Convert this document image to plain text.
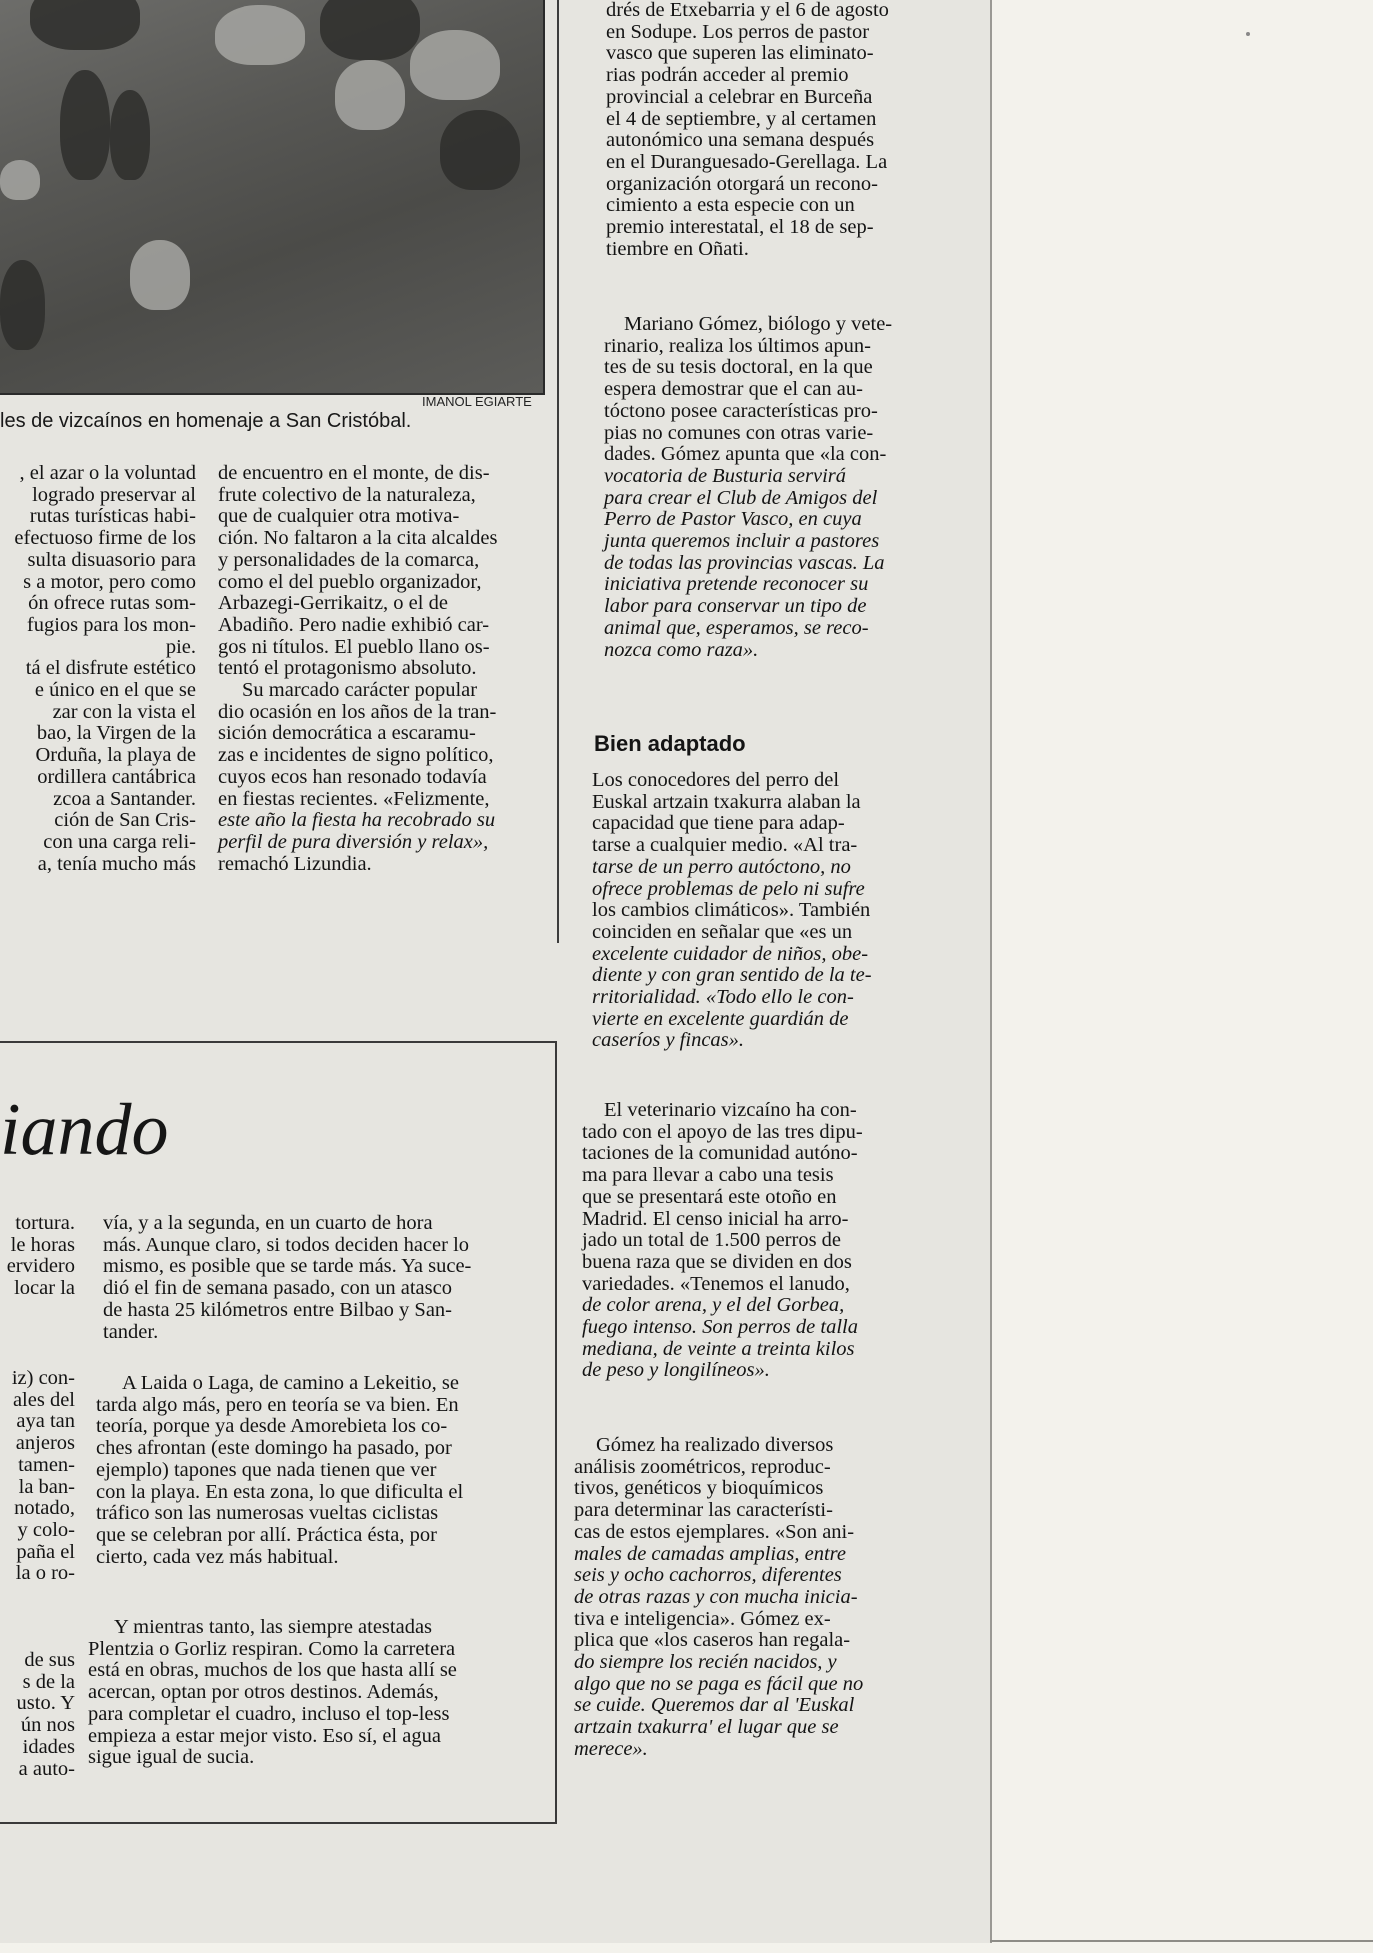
IMANOL EGIARTE
les de vizcaínos en homenaje a San Cristóbal.

, el azar o la voluntad

logrado preservar al

rutas turísticas habi-

efectuoso firme de los

sulta disuasorio para

s a motor, pero como

ón ofrece rutas som-

fugios para los mon-

pie.

tá el disfrute estético

e único en el que se

zar con la vista el

bao, la Virgen de la

Orduña, la playa de

ordillera cantábrica

zcoa a Santander.

ción de San Cris-

con una carga reli-

a, tenía mucho más

de encuentro en el monte, de dis-

frute colectivo de la naturaleza,

que de cualquier otra motiva-

ción. No faltaron a la cita alcaldes

y personalidades de la comarca,

como el del pueblo organizador,

Arbazegi-Gerrikaitz, o el de

Abadiño. Pero nadie exhibió car-

gos ni títulos. El pueblo llano os-

tentó el protagonismo absoluto.

Su marcado carácter popular

dio ocasión en los años de la tran-

sición democrática a escaramu-

zas e incidentes de signo político,

cuyos ecos han resonado todavía

en fiestas recientes. «Felizmente,

este año la fiesta ha recobrado su

perfil de pura diversión y relax»,

remachó Lizundia.

drés de Etxebarria y el 6 de agosto

en Sodupe. Los perros de pastor

vasco que superen las eliminato-

rias podrán acceder al premio

provincial a celebrar en Burceña

el 4 de septiembre, y al certamen

autonómico una semana después

en el Duranguesado-Gerellaga. La

organización otorgará un recono-

cimiento a esta especie con un

premio interestatal, el 18 de sep-

tiembre en Oñati.

Mariano Gómez, biólogo y vete-

rinario, realiza los últimos apun-

tes de su tesis doctoral, en la que

espera demostrar que el can au-

tóctono posee características pro-

pias no comunes con otras varie-

dades. Gómez apunta que «la con-

vocatoria de Busturia servirá

para crear el Club de Amigos del

Perro de Pastor Vasco, en cuya

junta queremos incluir a pastores

de todas las provincias vascas. La

iniciativa pretende reconocer su

labor para conservar un tipo de

animal que, esperamos, se reco-

nozca como raza».

Bien adaptado

Los conocedores del perro del

Euskal artzain txakurra alaban la

capacidad que tiene para adap-

tarse a cualquier medio. «Al tra-

tarse de un perro autóctono, no

ofrece problemas de pelo ni sufre

los cambios climáticos». También

coinciden en señalar que «es un

excelente cuidador de niños, obe-

diente y con gran sentido de la te-

rritorialidad. «Todo ello le con-

vierte en excelente guardián de

caseríos y fincas».

El veterinario vizcaíno ha con-

tado con el apoyo de las tres dipu-

taciones de la comunidad autóno-

ma para llevar a cabo una tesis

que se presentará este otoño en

Madrid. El censo inicial ha arro-

jado un total de 1.500 perros de

buena raza que se dividen en dos

variedades. «Tenemos el lanudo,

de color arena, y el del Gorbea,

fuego intenso. Son perros de talla

mediana, de veinte a treinta kilos

de peso y longilíneos».

Gómez ha realizado diversos

análisis zoométricos, reproduc-

tivos, genéticos y bioquímicos

para determinar las característi-

cas de estos ejemplares. «Son ani-

males de camadas amplias, entre

seis y ocho cachorros, diferentes

de otras razas y con mucha inicia-

tiva e inteligencia». Gómez ex-

plica que «los caseros han regala-

do siempre los recién nacidos, y

algo que no se paga es fácil que no

se cuide. Queremos dar al 'Euskal

artzain txakurra' el lugar que se

merece».

iando

tortura.

le horas

ervidero

locar la

iz) con-

ales del

aya tan

anjeros

tamen-

la ban-

notado,

y colo-

paña el

la o ro-

de sus

s de la

usto. Y

ún nos

idades

a auto-

vía, y a la segunda, en un cuarto de hora

más. Aunque claro, si todos deciden hacer lo

mismo, es posible que se tarde más. Ya suce-

dió el fin de semana pasado, con un atasco

de hasta 25 kilómetros entre Bilbao y San-

tander.

A Laida o Laga, de camino a Lekeitio, se

tarda algo más, pero en teoría se va bien. En

teoría, porque ya desde Amorebieta los co-

ches afrontan (este domingo ha pasado, por

ejemplo) tapones que nada tienen que ver

con la playa. En esta zona, lo que dificulta el

tráfico son las numerosas vueltas ciclistas

que se celebran por allí. Práctica ésta, por

cierto, cada vez más habitual.

Y mientras tanto, las siempre atestadas

Plentzia o Gorliz respiran. Como la carretera

está en obras, muchos de los que hasta allí se

acercan, optan por otros destinos. Además,

para completar el cuadro, incluso el top-less

empieza a estar mejor visto. Eso sí, el agua

sigue igual de sucia.
